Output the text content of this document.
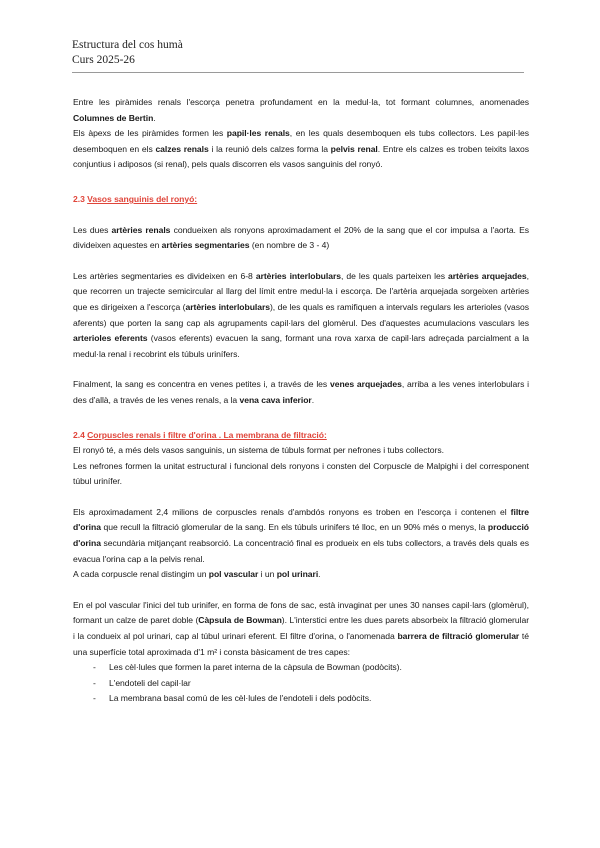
Estructura del cos humà
Curs 2025-26

Entre les piràmides renals l'escorça penetra profundament en la medul·la, tot formant columnes, anomenades Columnes de Bertin.

Els àpexs de les piràmides formen les papil·les renals, en les quals desemboquen els tubs collectors. Les papil·les desemboquen en els calzes renals i la reunió dels calzes forma la pelvis renal. Entre els calzes es troben teixits laxos conjuntius i adiposos (si renal), pels quals discorren els vasos sanguinis del ronyó.

2.3 Vasos sanguinis del ronyó:

Les dues artèries renals condueixen als ronyons aproximadament el 20% de la sang que el cor impulsa a l'aorta. Es divideixen aquestes en artèries segmentaries (en nombre de 3 - 4)

Les artèries segmentaries es divideixen en 6-8 artèries interlobulars, de les quals parteixen les artèries arquejades, que recorren un trajecte semicircular al llarg del límit entre medul·la i escorça. De l'artèria arquejada sorgeixen artèries que es dirigeixen a l'escorça (artèries interlobulars), de les quals es ramifiquen a intervals regulars les arterioles (vasos aferents) que porten la sang cap als agrupaments capil·lars del glomèrul. Des d'aquestes acumulacions vasculars les arterioles eferents (vasos eferents) evacuen la sang, formant una rova xarxa de capil·lars adreçada parcialment a la medul·la renal i recobrint els túbuls urinífers.

Finalment, la sang es concentra en venes petites i, a través de les venes arquejades, arriba a les venes interlobulars i des d'allà, a través de les venes renals, a la vena cava inferior.

2.4 Corpuscles renals i filtre d'orina . La membrana de filtració:

El ronyó té, a més dels vasos sanguinis, un sistema de túbuls format per nefrones i tubs collectors.

Les nefrones formen la unitat estructural i funcional dels ronyons i consten del Corpuscle de Malpighi i del corresponent túbul urinífer.

Els aproximadament 2,4 milions de corpuscles renals d'ambdós ronyons es troben en l'escorça i contenen el filtre d'orina que recull la filtració glomerular de la sang. En els túbuls urinifers té lloc, en un 90% més o menys, la producció d'orina secundària mitjançant reabsorció. La concentració final es produeix en els tubs collectors, a través dels quals es evacua l'orina cap a la pelvis renal.

A cada corpuscle renal distingim un pol vascular i un pol urinari.

En el pol vascular l'inici del tub urinifer, en forma de fons de sac, està invaginat per unes 30 nanses capil·lars (glomèrul), formant un calze de paret doble (Càpsula de Bowman). L'interstici entre les dues parets absorbeix la filtració glomerular i la condueix al pol urinari, cap al túbul urinari eferent. El filtre d'orina, o l'anomenada barrera de filtració glomerular té una superfície total aproximada d'1 m² i consta bàsicament de tres capes:

- Les cèl·lules que formen la paret interna de la càpsula de Bowman (podòcits).
- L'endoteli del capil·lar
- La membrana basal comú de les cèl·lules de l'endoteli i dels podòcits.
